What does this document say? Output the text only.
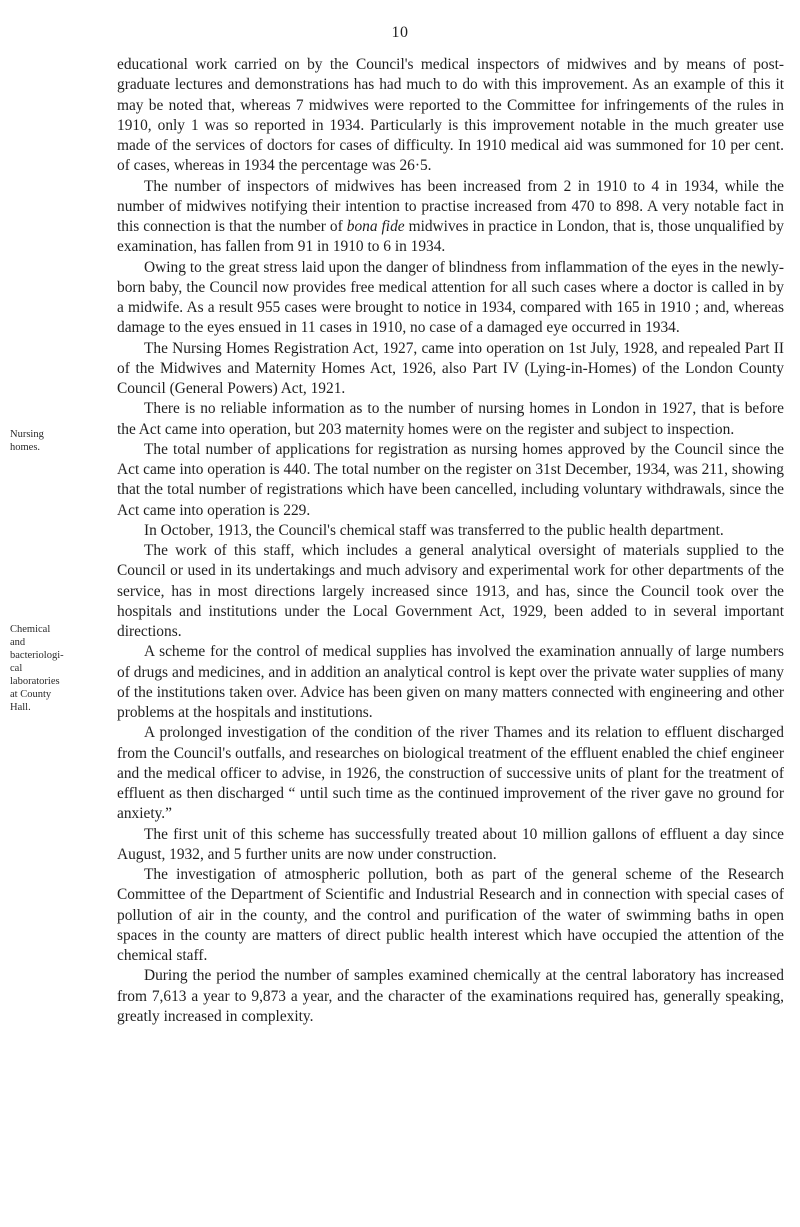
10
Nursing
homes.
Chemical
and
bacteriologi-
cal
laboratories
at County
Hall.

educational work carried on by the Council's medical inspectors of midwives and by means of post-graduate lectures and demonstrations has had much to do with this improvement. As an example of this it may be noted that, whereas 7 midwives were reported to the Committee for infringements of the rules in 1910, only 1 was so reported in 1934. Particularly is this improvement notable in the much greater use made of the services of doctors for cases of difficulty. In 1910 medical aid was summoned for 10 per cent. of cases, whereas in 1934 the percentage was 26·5.

The number of inspectors of midwives has been increased from 2 in 1910 to 4 in 1934, while the number of midwives notifying their intention to practise increased from 470 to 898. A very notable fact in this connection is that the number of bona fide midwives in practice in London, that is, those unqualified by examination, has fallen from 91 in 1910 to 6 in 1934.

Owing to the great stress laid upon the danger of blindness from inflammation of the eyes in the newly-born baby, the Council now provides free medical attention for all such cases where a doctor is called in by a midwife. As a result 955 cases were brought to notice in 1934, compared with 165 in 1910 ; and, whereas damage to the eyes ensued in 11 cases in 1910, no case of a damaged eye occurred in 1934.

The Nursing Homes Registration Act, 1927, came into operation on 1st July, 1928, and repealed Part II of the Midwives and Maternity Homes Act, 1926, also Part IV (Lying-in-Homes) of the London County Council (General Powers) Act, 1921.

There is no reliable information as to the number of nursing homes in London in 1927, that is before the Act came into operation, but 203 maternity homes were on the register and subject to inspection.

The total number of applications for registration as nursing homes approved by the Council since the Act came into operation is 440. The total number on the register on 31st December, 1934, was 211, showing that the total number of registrations which have been cancelled, including voluntary withdrawals, since the Act came into operation is 229.

In October, 1913, the Council's chemical staff was transferred to the public health department.

The work of this staff, which includes a general analytical oversight of materials supplied to the Council or used in its undertakings and much advisory and experimental work for other departments of the service, has in most directions largely increased since 1913, and has, since the Council took over the hospitals and institutions under the Local Government Act, 1929, been added to in several important directions.

A scheme for the control of medical supplies has involved the examination annually of large numbers of drugs and medicines, and in addition an analytical control is kept over the private water supplies of many of the institutions taken over. Advice has been given on many matters connected with engineering and other problems at the hospitals and institutions.

A prolonged investigation of the condition of the river Thames and its relation to effluent discharged from the Council's outfalls, and researches on biological treatment of the effluent enabled the chief engineer and the medical officer to advise, in 1926, the construction of successive units of plant for the treatment of effluent as then discharged “ until such time as the continued improvement of the river gave no ground for anxiety.”

The first unit of this scheme has successfully treated about 10 million gallons of effluent a day since August, 1932, and 5 further units are now under construction.

The investigation of atmospheric pollution, both as part of the general scheme of the Research Committee of the Department of Scientific and Industrial Research and in connection with special cases of pollution of air in the county, and the control and purification of the water of swimming baths in open spaces in the county are matters of direct public health interest which have occupied the attention of the chemical staff.

During the period the number of samples examined chemically at the central laboratory has increased from 7,613 a year to 9,873 a year, and the character of the examinations required has, generally speaking, greatly increased in complexity.
